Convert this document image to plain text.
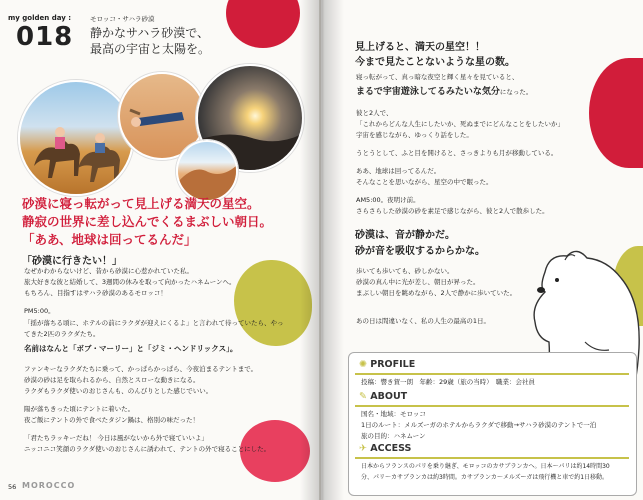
my golden day :
018
モロッコ・サハラ砂漠
静かなサハラ砂漠で、
最高の宇宙と太陽を。
砂漠に寝っ転がって見上げる満天の星空。
静寂の世界に差し込んでくるまぶしい朝日。
「ああ、地球は回ってるんだ」
「砂漠に行きたい！」
なぜかわからないけど、昔から砂漠に心惹かれていた私。
旅大好きな彼と結婚して、3週間の休みを取って向かったハネムーンへ。
もちろん、目指すはサハラ砂漠のあるモロッコ！
PM5:00。
「揺が落ちる頃に、ホテルの前にラクダが迎えにくるよ」と言われて待っていたら、やっ
てきた2匹のラクダたち。
名前はなんと「ボブ・マーリー」と「ジミ・ヘンドリックス」。
ファンキーなラクダたちに乗って、かっぱらかっぱら、今夜泊まるテントまで。
砂漠の砂は足を取られるから、自然とスローな動きになる。
ラクダもラクダ使いのおじさんも、のんびりとした感じでいい。
陽が落ちきった頃にテントに着いた。
夜ご飯にテントの外で食べたタジン鍋は、格別の味だった！
「君たちラッキーだね！ 今日は風がないから外で寝ていいよ」
ニッコニコ笑顔のラクダ使いのおじさんに誘われて、テントの外で寝ることにした。
56 MOROCCO
見上げると、満天の星空！！
今まで見たことないような星の数。
寝っ転がって、真っ暗な夜空と輝く星々を見ていると、
まるで宇宙遊泳してるみたいな気分になった。
彼と2人で、
「これからどんな人生にしたいか、死ぬまでにどんなことをしたいか」
宇宙を感じながら、ゆっくり話をした。
うとうとして、ふと目を開けると、さっきよりも月が移動している。
ああ、地球は回ってるんだ。
そんなことを思いながら、星空の中で眠った。
AM5:00。夜明け前。
さらさらした砂漠の砂を素足で感じながら、彼と2人で散歩した。
砂漠は、音が静かだ。
砂が音を吸収するからかな。
歩いても歩いても、砂しかない。
砂漠の真ん中に光が差し、朝日が昇った。
まぶしい朝日を眺めながら、2人で静かに歩いていた。
あの日は間違いなく、私の人生の最高の1日。
✺ PROFILE
投稿：響き賀一朗　年齢：29歳（旅の当時）　職業：会社員
✎ ABOUT
国名・地域：モロッコ
1日のルート：メルズーガのホテルからラクダで移動→サハラ砂漠のテントで一泊
旅の目的：ハネムーン
✈ ACCESS
日本からフランスのパリを乗り継ぎ、モロッコのカサブランカへ。日本～パリは約14時間30
分、パリ～カサブランカは約3時間。カサブランカ～メルズーガは飛行機と車で約1日移動。
